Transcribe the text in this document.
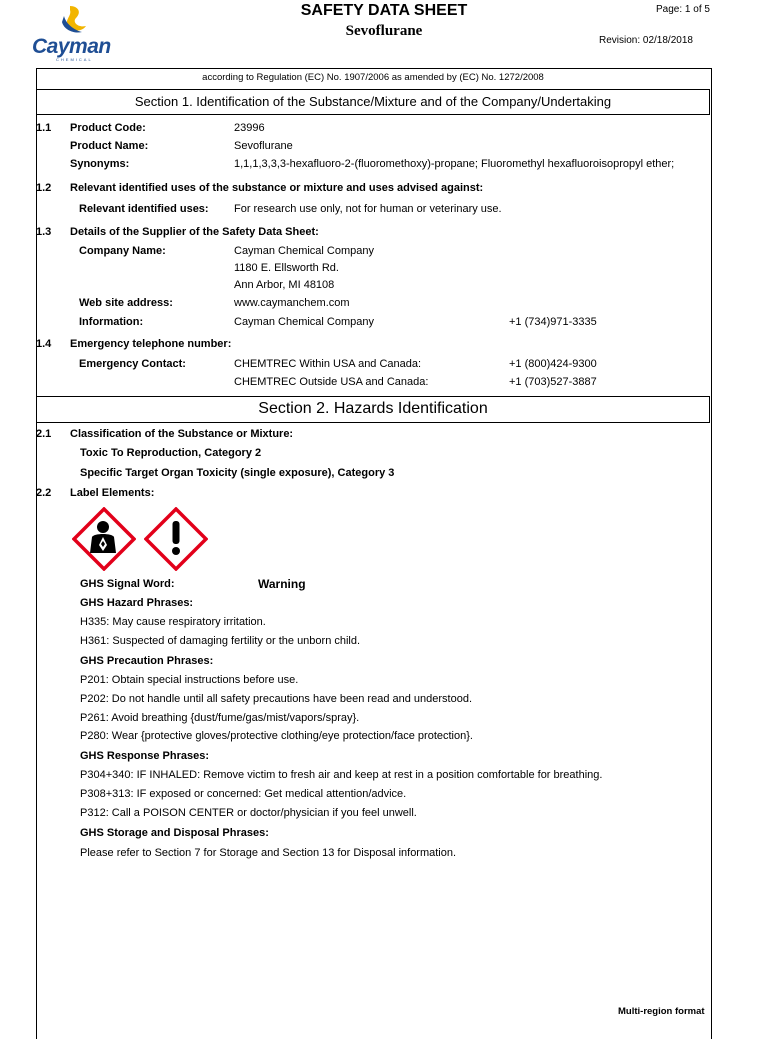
Cayman
CHEMICAL
SAFETY DATA SHEET
Sevoflurane
Page: 1 of 5
Revision: 02/18/2018
according to Regulation (EC) No. 1907/2006 as amended by (EC) No. 1272/2008
Section 1. Identification of the Substance/Mixture and of the Company/Undertaking
1.1 Product Code:	23996
Product Name:	Sevoflurane
Synonyms:	1,1,1,3,3,3-hexafluoro-2-(fluoromethoxy)-propane; Fluoromethyl hexafluoroisopropyl ether;
1.2 Relevant identified uses of the substance or mixture and uses advised against:
Relevant identified uses: For research use only, not for human or veterinary use.
1.3 Details of the Supplier of the Safety Data Sheet:
Company Name:	Cayman Chemical Company
1180 E. Ellsworth Rd.
Ann Arbor, MI 48108
Web site address:	www.caymanchem.com
Information:	Cayman Chemical Company	+1 (734)971-3335
1.4 Emergency telephone number:
Emergency Contact:	CHEMTREC Within USA and Canada:	+1 (800)424-9300
CHEMTREC Outside USA and Canada:	+1 (703)527-3887
Section 2. Hazards Identification
2.1 Classification of the Substance or Mixture:
Toxic To Reproduction, Category 2
Specific Target Organ Toxicity (single exposure), Category 3
2.2 Label Elements:
GHS Signal Word:	Warning
GHS Hazard Phrases:
H335: May cause respiratory irritation.
H361: Suspected of damaging fertility or the unborn child.
GHS Precaution Phrases:
P201: Obtain special instructions before use.
P202: Do not handle until all safety precautions have been read and understood.
P261: Avoid breathing {dust/fume/gas/mist/vapors/spray}.
P280: Wear {protective gloves/protective clothing/eye protection/face protection}.
GHS Response Phrases:
P304+340: IF INHALED: Remove victim to fresh air and keep at rest in a position comfortable for breathing.
P308+313: IF exposed or concerned: Get medical attention/advice.
P312: Call a POISON CENTER or doctor/physician if you feel unwell.
GHS Storage and Disposal Phrases:
Please refer to Section 7 for Storage and Section 13 for Disposal information.
Multi-region format
